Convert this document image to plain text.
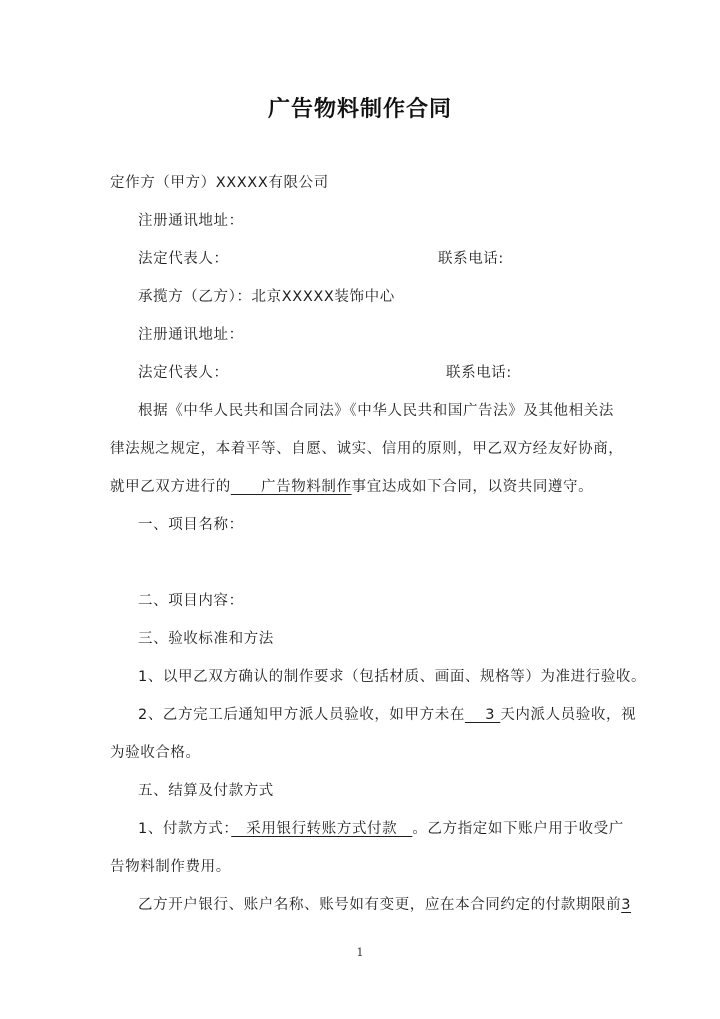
广告物料制作合同
定作方（甲方）XXXXX有限公司
注册通讯地址：
法定代表人：	联系电话:
承揽方（乙方）：北京XXXXX装饰中心
注册通讯地址：
法定代表人：	联系电话:
根据《中华人民共和国合同法》《中华人民共和国广告法》及其他相关法
律法规之规定，本着平等、自愿、诚实、信用的原则，甲乙双方经友好协商，
就甲乙双方进行的　　广告物料制作事宜达成如下合同，以资共同遵守。
一、项目名称：
二、项目内容：
三、验收标准和方法
1、以甲乙双方确认的制作要求（包括材质、画面、规格等）为准进行验收。
2、乙方完工后通知甲方派人员验收，如甲方未在　 3 天内派人员验收，视
为验收合格。
五、结算及付款方式
1、付款方式：　采用银行转账方式付款　。乙方指定如下账户用于收受广
告物料制作费用。
乙方开户银行、账户名称、账号如有变更，应在本合同约定的付款期限前3
1
